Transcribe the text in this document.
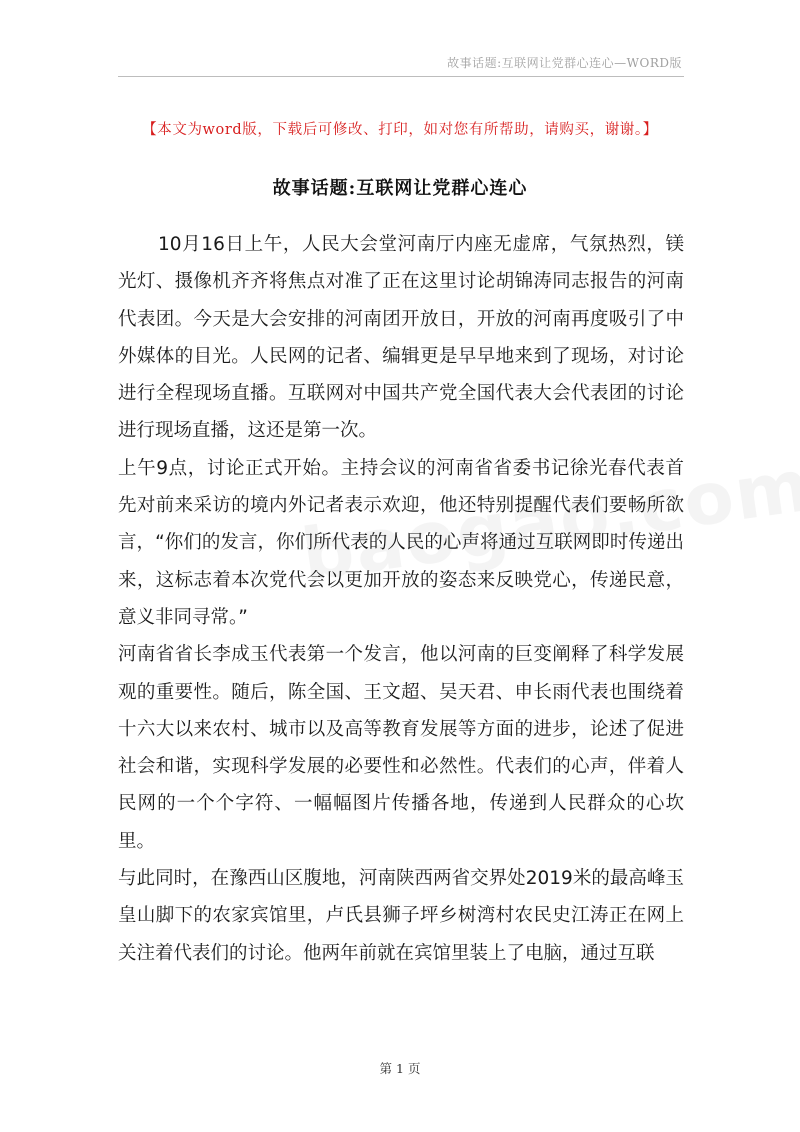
故事话题:互联网让党群心连心—WORD版
【本文为word版，下载后可修改、打印，如对您有所帮助，请购买，谢谢。】
故事话题:互联网让党群心连心

10月16日上午，人民大会堂河南厅内座无虚席，气氛热烈，镁光灯、摄像机齐齐将焦点对准了正在这里讨论胡锦涛同志报告的河南代表团。今天是大会安排的河南团开放日，开放的河南再度吸引了中外媒体的目光。人民网的记者、编辑更是早早地来到了现场，对讨论进行全程现场直播。互联网对中国共产党全国代表大会代表团的讨论进行现场直播，这还是第一次。

上午9点，讨论正式开始。主持会议的河南省省委书记徐光春代表首先对前来采访的境内外记者表示欢迎，他还特别提醒代表们要畅所欲言，“你们的发言，你们所代表的人民的心声将通过互联网即时传递出来，这标志着本次党代会以更加开放的姿态来反映党心，传递民意，意义非同寻常。”

河南省省长李成玉代表第一个发言，他以河南的巨变阐释了科学发展观的重要性。随后，陈全国、王文超、吴天君、申长雨代表也围绕着十六大以来农村、城市以及高等教育发展等方面的进步，论述了促进社会和谐，实现科学发展的必要性和必然性。代表们的心声，伴着人民网的一个个字符、一幅幅图片传播各地，传递到人民群众的心坎里。

与此同时，在豫西山区腹地，河南陕西两省交界处2019米的最高峰玉皇山脚下的农家宾馆里，卢氏县狮子坪乡树湾村农民史江涛正在网上关注着代表们的讨论。他两年前就在宾馆里装上了电脑，通过互联

第 1 页
